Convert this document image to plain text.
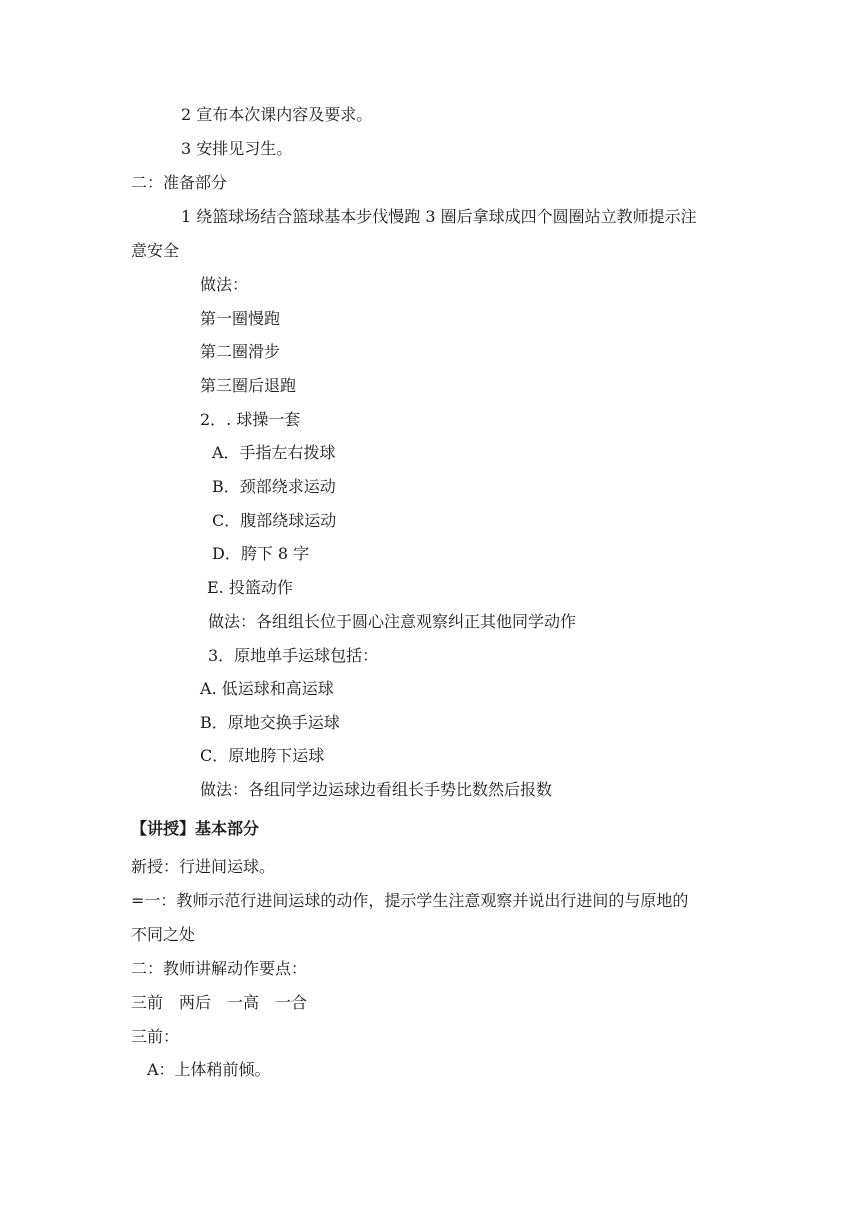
2 宣布本次课内容及要求。
3 安排见习生。
二：准备部分
1 绕篮球场结合篮球基本步伐慢跑 3 圈后拿球成四个圆圈站立教师提示注
意安全
做法：
第一圈慢跑
第二圈滑步
第三圈后退跑
2．. 球操一套
A．手指左右拨球
B．颈部绕求运动
C．腹部绕球运动
D．胯下 8 字
E. 投篮动作
做法：各组组长位于圆心注意观察纠正其他同学动作
3．原地单手运球包括：
A. 低运球和高运球
B．原地交换手运球
C．原地胯下运球
做法：各组同学边运球边看组长手势比数然后报数
【讲授】基本部分
新授：行进间运球。
=一：教师示范行进间运球的动作，提示学生注意观察并说出行进间的与原地的
不同之处
二：教师讲解动作要点：
三前　两后　一高　一合
三前：
A：上体稍前倾。
